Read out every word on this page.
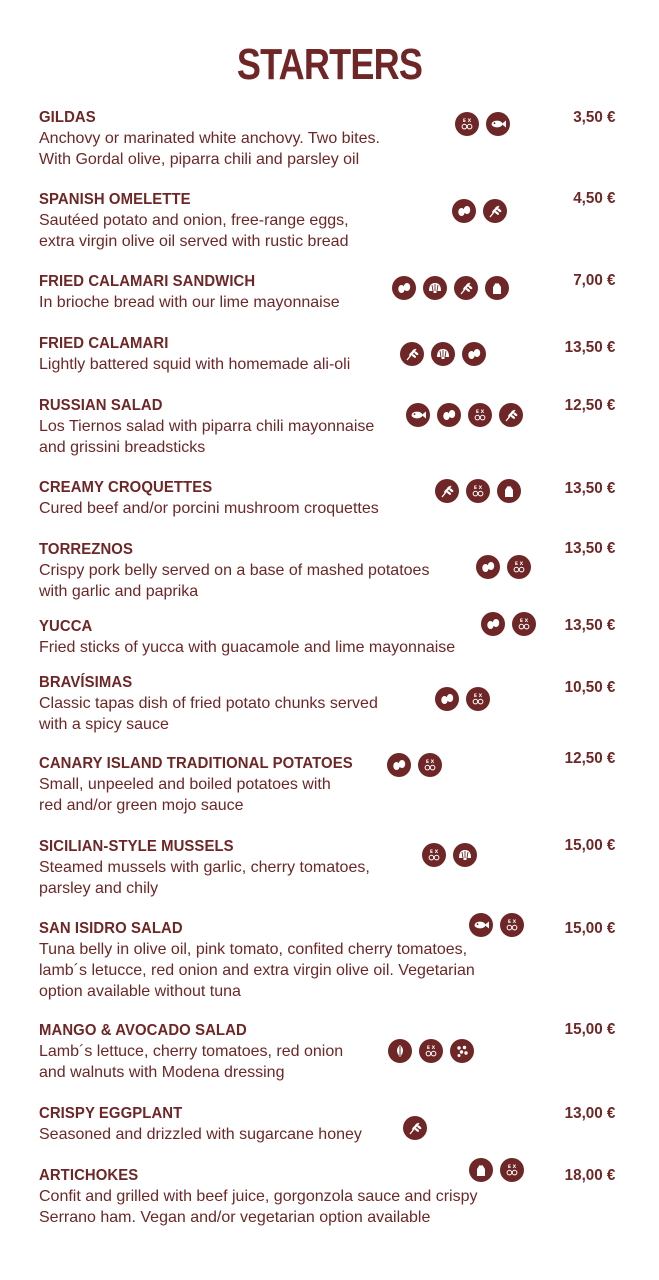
STARTERS
GILDAS
Anchovy or marinated white anchovy. Two bites.
With Gordal olive, piparra chili and parsley oil
3,50 €
E X
SPANISH OMELETTE
Sautéed potato and onion, free-range eggs,
extra virgin olive oil served with rustic bread
4,50 €
FRIED CALAMARI SANDWICH
In brioche bread with our lime mayonnaise
7,00 €
FRIED CALAMARI
Lightly battered squid with homemade ali-oli
13,50 €
RUSSIAN SALAD
Los Tiernos salad with piparra chili mayonnaise
and grissini breadsticks
12,50 €
E X
CREAMY CROQUETTES
Cured beef and/or porcini mushroom croquettes
13,50 €
E X
TORREZNOS
Crispy pork belly served on a base of mashed potatoes
with garlic and paprika
13,50 €
E X
YUCCA
Fried sticks of yucca with guacamole and lime mayonnaise
13,50 €
E X
BRAVÍSIMAS
Classic tapas dish of fried potato chunks served
with a spicy sauce
10,50 €
E X
CANARY ISLAND TRADITIONAL POTATOES
Small, unpeeled and boiled potatoes with
red and/or green mojo sauce
12,50 €
E X
SICILIAN-STYLE MUSSELS
Steamed mussels with garlic, cherry tomatoes,
parsley and chily
15,00 €
E X
SAN ISIDRO SALAD
Tuna belly in olive oil, pink tomato, confited cherry tomatoes,
lamb´s letucce, red onion and extra virgin olive oil. Vegetarian
option available without tuna
15,00 €
E X
MANGO & AVOCADO SALAD
Lamb´s lettuce, cherry tomatoes, red onion
and walnuts with Modena dressing
15,00 €
E X
CRISPY EGGPLANT
Seasoned and drizzled with sugarcane honey
13,00 €
ARTICHOKES
Confit and grilled with beef juice, gorgonzola sauce and crispy
Serrano ham. Vegan and/or vegetarian option available
18,00 €
E X
